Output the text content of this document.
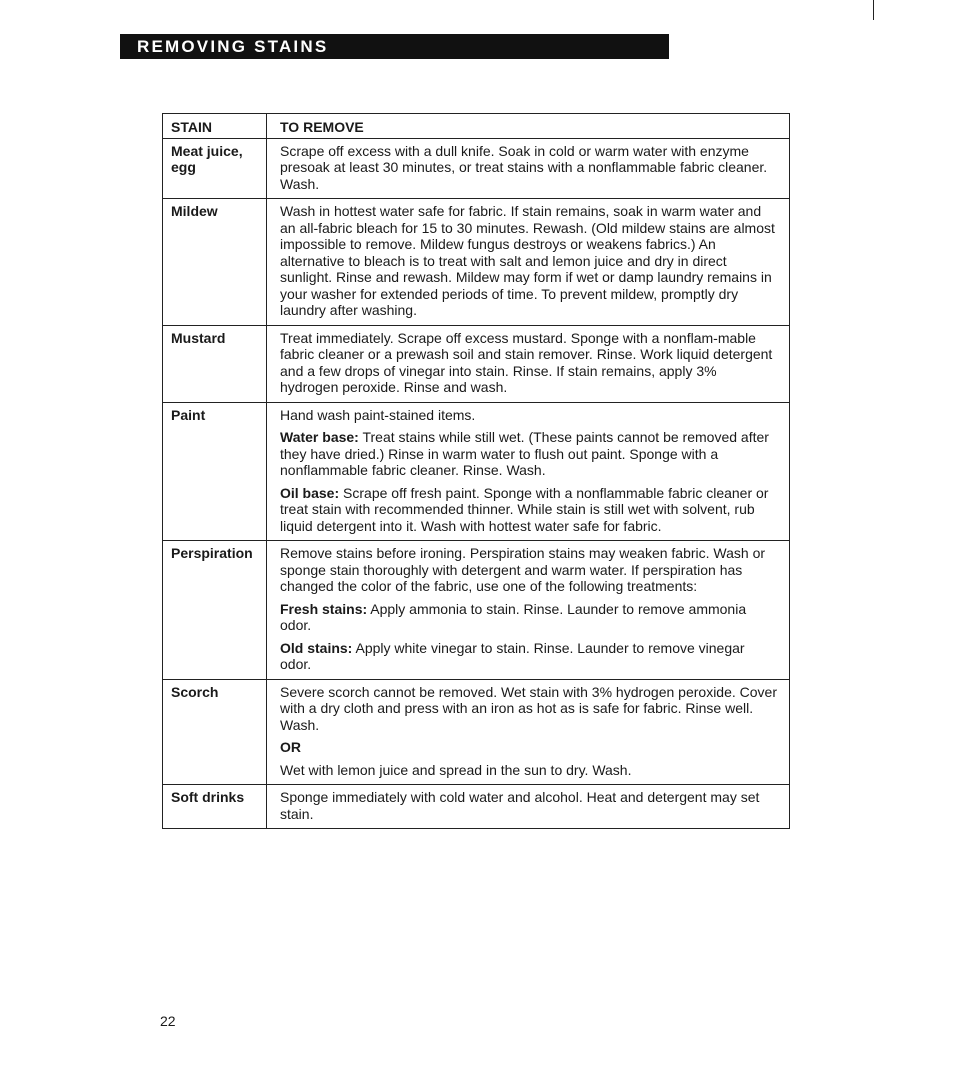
REMOVING STAINS
STAIN	TO REMOVE
Meat juice, egg	Scrape off excess with a dull knife. Soak in cold or warm water with enzyme presoak at least 30 minutes, or treat stains with a nonflammable fabric cleaner. Wash.

Mildew	Wash in hottest water safe for fabric. If stain remains, soak in warm water and an all-fabric bleach for 15 to 30 minutes. Rewash. (Old mildew stains are almost impossible to remove. Mildew fungus destroys or weakens fabrics.) An alternative to bleach is to treat with salt and lemon juice and dry in direct sunlight. Rinse and rewash. Mildew may form if wet or damp laundry remains in your washer for extended periods of time. To prevent mildew, promptly dry laundry after washing.

Mustard	Treat immediately. Scrape off excess mustard. Sponge with a nonflam-mable fabric cleaner or a prewash soil and stain remover. Rinse. Work liquid detergent and a few drops of vinegar into stain. Rinse. If stain remains, apply 3% hydrogen peroxide. Rinse and wash.

Paint	Hand wash paint-stained items.

Water base: Treat stains while still wet. (These paints cannot be removed after they have dried.) Rinse in warm water to flush out paint. Sponge with a nonflammable fabric cleaner. Rinse. Wash.

Oil base: Scrape off fresh paint. Sponge with a nonflammable fabric cleaner or treat stain with recommended thinner. While stain is still wet with solvent, rub liquid detergent into it. Wash with hottest water safe for fabric.

Perspiration	Remove stains before ironing. Perspiration stains may weaken fabric. Wash or sponge stain thoroughly with detergent and warm water. If perspiration has changed the color of the fabric, use one of the following treatments:

Fresh stains: Apply ammonia to stain. Rinse. Launder to remove ammonia odor.

Old stains: Apply white vinegar to stain. Rinse. Launder to remove vinegar odor.

Scorch	Severe scorch cannot be removed. Wet stain with 3% hydrogen peroxide. Cover with a dry cloth and press with an iron as hot as is safe for fabric. Rinse well. Wash.

OR

Wet with lemon juice and spread in the sun to dry. Wash.

Soft drinks	Sponge immediately with cold water and alcohol. Heat and detergent may set stain.

22
